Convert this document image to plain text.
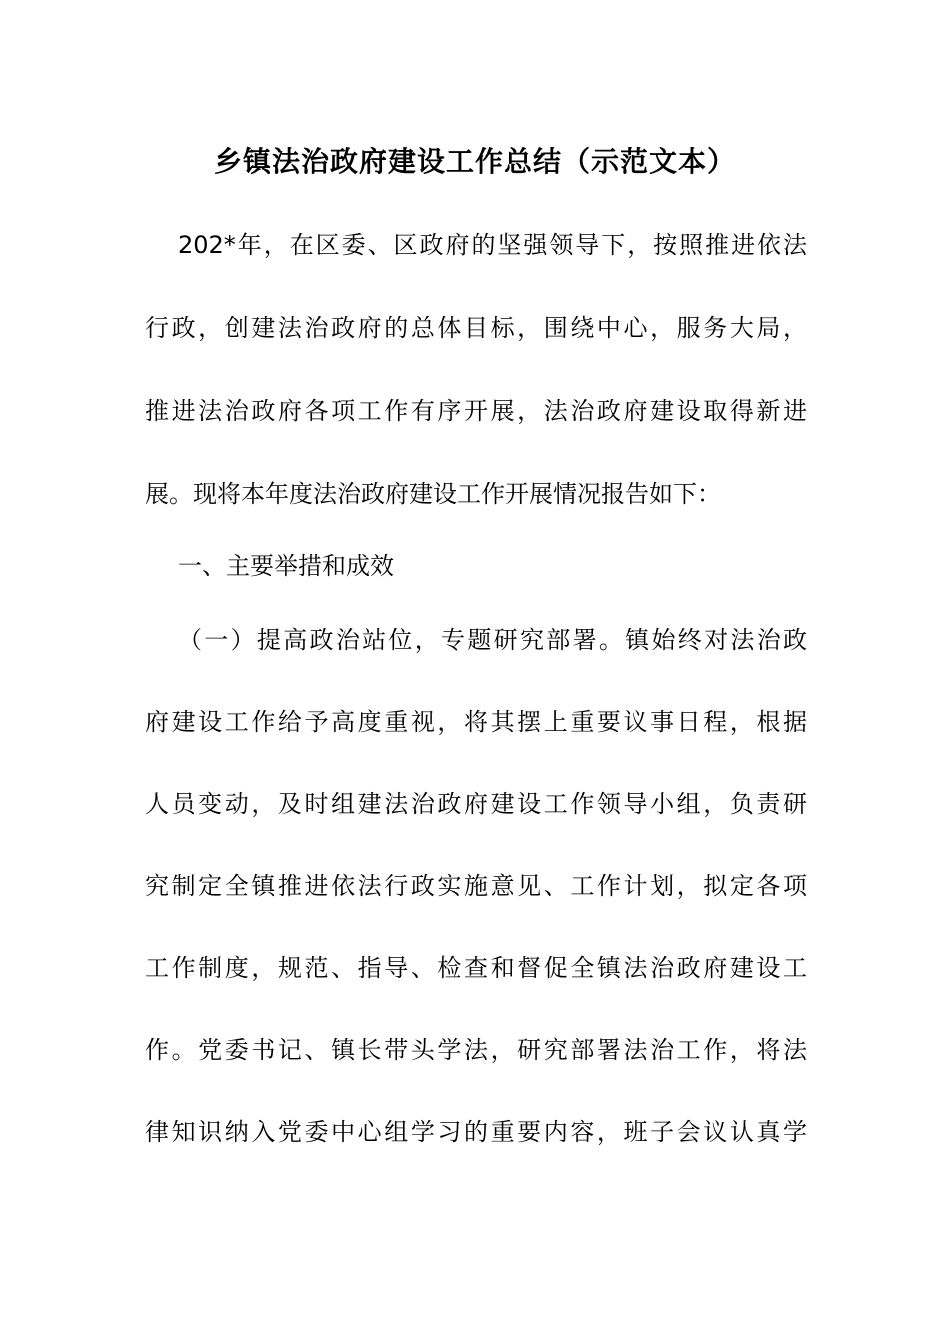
乡镇法治政府建设工作总结（示范文本）

202*年，在区委、区政府的坚强领导下，按照推进依法

行政，创建法治政府的总体目标，围绕中心，服务大局，

推进法治政府各项工作有序开展，法治政府建设取得新进

展。现将本年度法治政府建设工作开展情况报告如下：

一、主要举措和成效

（一）提高政治站位，专题研究部署。镇始终对法治政

府建设工作给予高度重视，将其摆上重要议事日程，根据

人员变动，及时组建法治政府建设工作领导小组，负责研

究制定全镇推进依法行政实施意见、工作计划，拟定各项

工作制度，规范、指导、检查和督促全镇法治政府建设工

作。党委书记、镇长带头学法，研究部署法治工作，将法

律知识纳入党委中心组学习的重要内容，班子会议认真学
